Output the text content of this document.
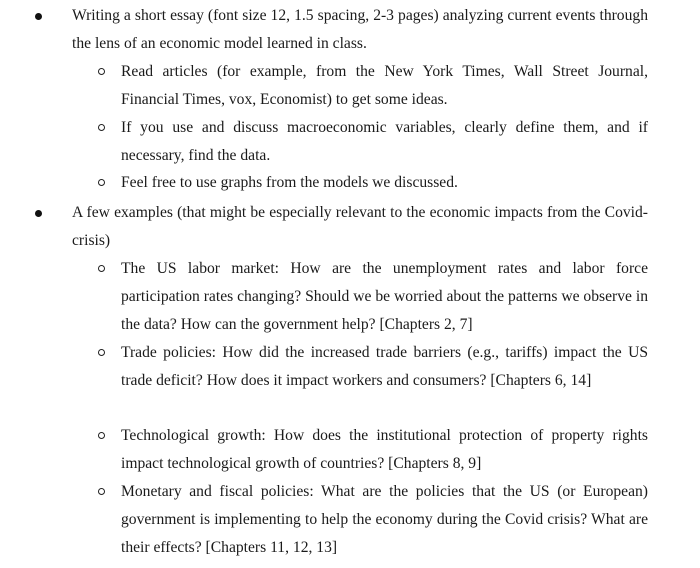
Writing a short essay (font size 12, 1.5 spacing, 2-3 pages) analyzing current events through the lens of an economic model learned in class.
Read articles (for example, from the New York Times, Wall Street Journal, Financial Times, vox, Economist) to get some ideas.
If you use and discuss macroeconomic variables, clearly define them, and if necessary, find the data.
Feel free to use graphs from the models we discussed.
A few examples (that might be especially relevant to the economic impacts from the Covid-crisis)
The US labor market: How are the unemployment rates and labor force participation rates changing? Should we be worried about the patterns we observe in the data? How can the government help? [Chapters 2, 7]
Trade policies: How did the increased trade barriers (e.g., tariffs) impact the US trade deficit? How does it impact workers and consumers? [Chapters 6, 14]
Technological growth: How does the institutional protection of property rights impact technological growth of countries? [Chapters 8, 9]
Monetary and fiscal policies: What are the policies that the US (or European) government is implementing to help the economy during the Covid crisis? What are their effects? [Chapters 11, 12, 13]
